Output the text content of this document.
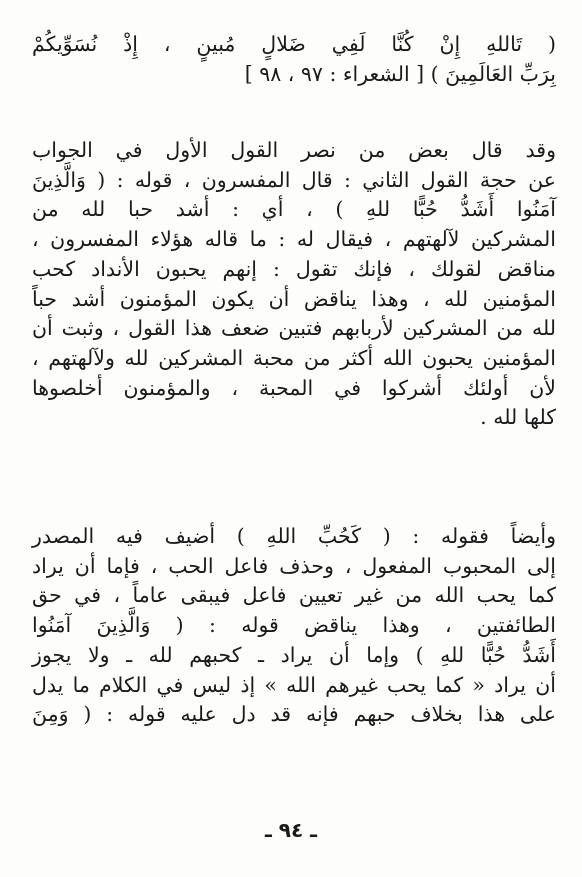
( تَاللهِ إِنْ كُنَّا لَفِي ضَلالٍ مُبينٍ ، إِذْ نُسَوِّيكُمْ
بِرَبِّ العَالَمِينَ ) [ الشعراء : ٩٧ ، ٩٨ ]

وقد قال بعض من نصر القول الأول في الجواب
عن حجة القول الثاني : قال المفسرون ، قوله : ( وَالَّذِينَ
آمَنُوا أَشَدُّ حُبًّا للهِ ) ، أي : أشد حبا لله من
المشركين لآلهتهم ، فيقال له : ما قاله هؤلاء المفسرون ،
مناقض لقولك ، فإنك تقول : إنهم يحبون الأنداد كحب
المؤمنين لله ، وهذا يناقض أن يكون المؤمنون أشد حباً
لله من المشركين لأربابهم فتبين ضعف هذا القول ، وثبت أن
المؤمنين يحبون الله أكثر من محبة المشركين لله ولآلهتهم ،
لأن أولئك أشركوا في المحبة ، والمؤمنون أخلصوها
كلها لله .

وأيضاً فقوله : ( كَحُبِّ اللهِ ) أضيف فيه المصدر
إلى المحبوب المفعول ، وحذف فاعل الحب ، فإما أن يراد
كما يحب الله من غير تعيين فاعل فيبقى عاماً ، في حق
الطائفتين ، وهذا يناقض قوله : ( وَالَّذِينَ آمَنُوا
أَشَدُّ حُبًّا للهِ ) وإما أن يراد ـ كحبهم لله ـ ولا يجوز
أن يراد « كما يحب غيرهم الله » إذ ليس في الكلام ما يدل
على هذا بخلاف حبهم فإنه قد دل عليه قوله : ( وَمِنَ

ـ ٩٤ ـ
